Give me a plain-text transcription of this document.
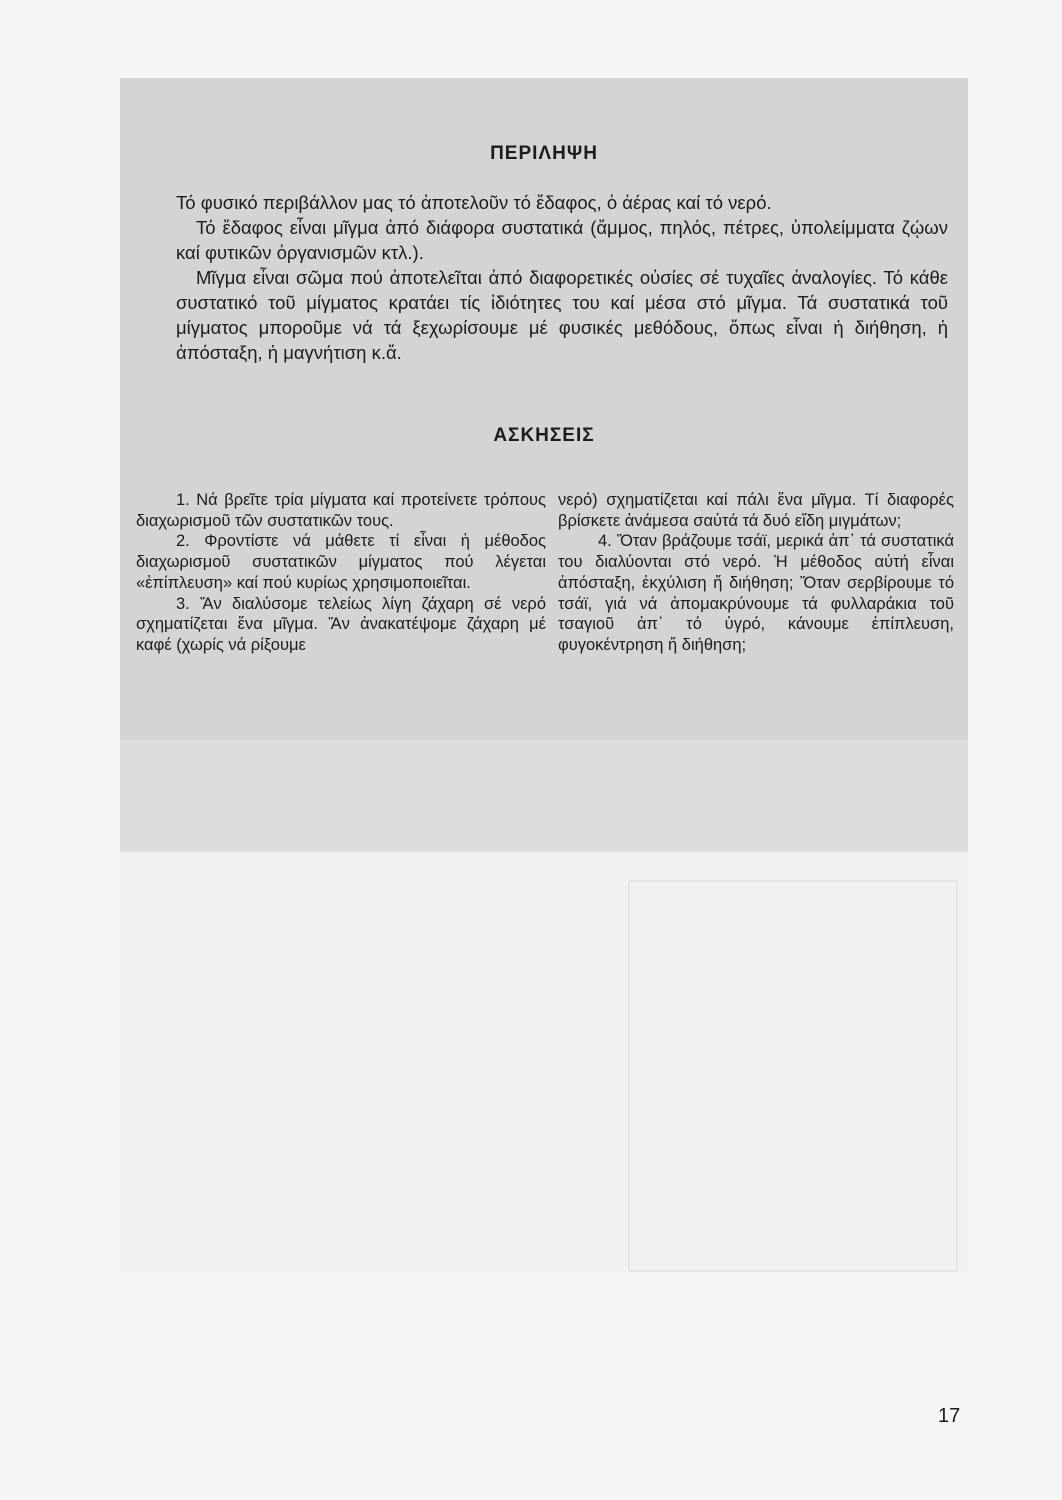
ΠΕΡΙΛΗΨΗ

Τό φυσικό περιβάλλον μας τό ἀποτελοῦν τό ἔδαφος, ὁ ἀέρας καί τό νερό.

Τό ἔδαφος εἶναι μῖγμα ἀπό διάφορα συστατικά (ἄμμος, πηλός, πέτρες, ὑπολείμματα ζῴων καί φυτικῶν ὀργανισμῶν κτλ.).

Μῖγμα εἶναι σῶμα πού ἀποτελεῖται ἀπό διαφορετικές οὐσίες σέ τυχαῖες ἀναλογίες. Τό κάθε συστατικό τοῦ μίγματος κρατάει τίς ἰδιότητες του καί μέσα στό μῖγμα. Τά συστατικά τοῦ μίγματος μποροῦμε νά τά ξεχωρίσουμε μέ φυσικές μεθόδους, ὅπως εἶναι ἡ διήθηση, ἡ ἀπόσταξη, ἡ μαγνήτιση κ.ἄ.

ΑΣΚΗΣΕΙΣ

1. Νά βρεῖτε τρία μίγματα καί προτείνετε τρόπους διαχωρισμοῦ τῶν συστατικῶν τους.

2. Φροντίστε νά μάθετε τί εἶναι ἡ μέθοδος διαχωρισμοῦ συστατικῶν μίγματος πού λέγεται «ἐπίπλευση» καί πού κυρίως χρησιμοποιεῖται.

3. Ἄν διαλύσομε τελείως λίγη ζάχαρη σέ νερό σχηματίζεται ἕνα μῖγμα. Ἄν ἀνακατέψομε ζάχαρη μέ καφέ (χωρίς νά ρίξουμε

νερό) σχηματίζεται καί πάλι ἕνα μῖγμα. Τί διαφορές βρίσκετε ἀνάμεσα σαὐτά τά δυό εἴδη μιγμάτων;

4. Ὅταν βράζουμε τσάϊ, μερικά ἀπ᾿ τά συστατικά του διαλύονται στό νερό. Ἡ μέθοδος αὐτή εἶναι ἀπόσταξη, ἐκχύλιση ἤ διήθηση; Ὅταν σερβίρουμε τό τσάϊ, γιά νά ἀπομακρύνουμε τά φυλλαράκια τοῦ τσαγιοῦ ἀπ᾿ τό ὑγρό, κάνουμε ἐπίπλευση, φυγοκέντρηση ἤ διήθηση;

17
